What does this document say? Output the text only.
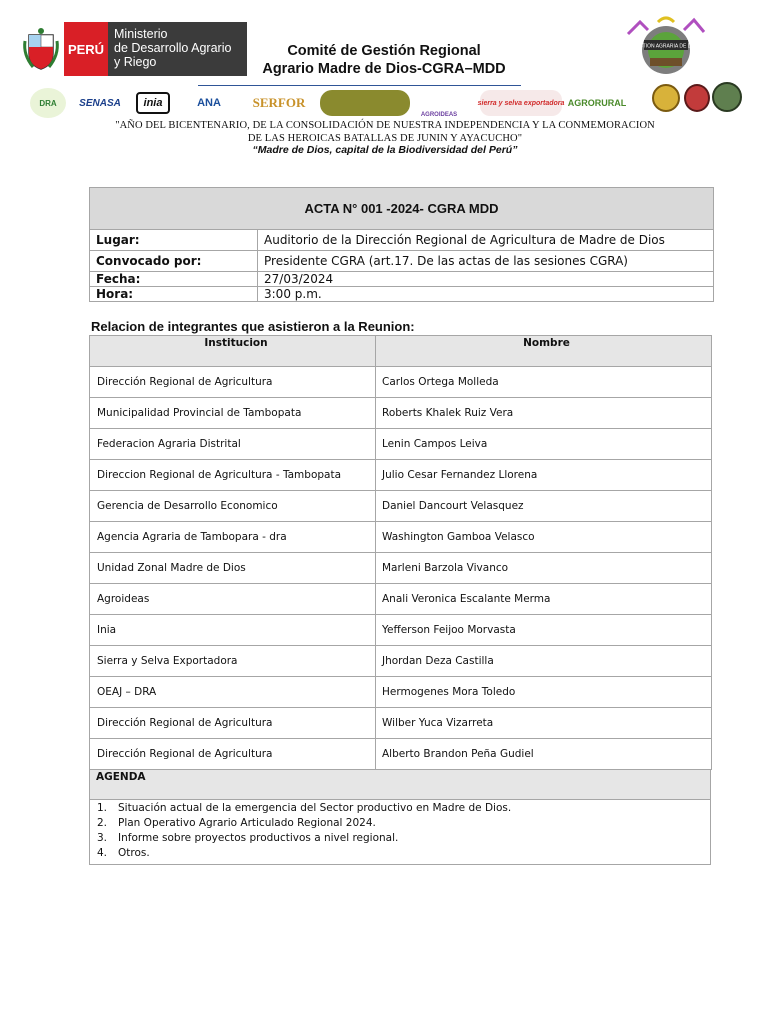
PERÚ
Ministerio
de Desarrollo Agrario
y Riego
Comité de Gestión Regional
Agrario Madre de Dios-CGRA–MDD
GESTION AGRARIA DE DIOS
DRA	SENASA	inia	ANA	SERFOR
AGROIDEAS
sierra y selva exportadora AGRORURAL
"AÑO DEL BICENTENARIO, DE LA CONSOLIDACIÓN DE NUESTRA INDEPENDENCIA Y LA CONMEMORACION
DE LAS HEROICAS BATALLAS DE JUNIN Y AYACUCHO"
“Madre de Dios, capital de la Biodiversidad del Perú”
ACTA N° 001 -2024- CGRA MDD
Lugar:	Auditorio de la Dirección Regional de Agricultura de Madre de Dios
Convocado por:	Presidente CGRA (art.17. De las actas de las sesiones CGRA)
Fecha:	27/03/2024
Hora:	3:00 p.m.
Relacion de integrantes que asistieron a la Reunion:
Institucion	Nombre
Dirección Regional de Agricultura	Carlos Ortega Molleda
Municipalidad Provincial de Tambopata	Roberts Khalek Ruiz Vera
Federacion Agraria Distrital	Lenin Campos Leiva
Direccion Regional de Agricultura - Tambopata	Julio Cesar Fernandez Llorena
Gerencia de Desarrollo Economico	Daniel Dancourt Velasquez
Agencia Agraria de Tambopara - dra	Washington Gamboa Velasco
Unidad Zonal Madre de Dios	Marleni Barzola Vivanco
Agroideas	Anali Veronica Escalante Merma
Inia	Yefferson Feijoo Morvasta
Sierra y Selva Exportadora	Jhordan Deza Castilla
OEAJ – DRA	Hermogenes Mora Toledo
Dirección Regional de Agricultura	Wilber Yuca Vizarreta
Dirección Regional de Agricultura	Alberto Brandon Peña Gudiel
AGENDA
1.	Situación actual de la emergencia del Sector productivo en Madre de Dios.
2.	Plan Operativo Agrario Articulado Regional 2024.
3.	Informe sobre proyectos productivos a nivel regional.
4.	Otros.
